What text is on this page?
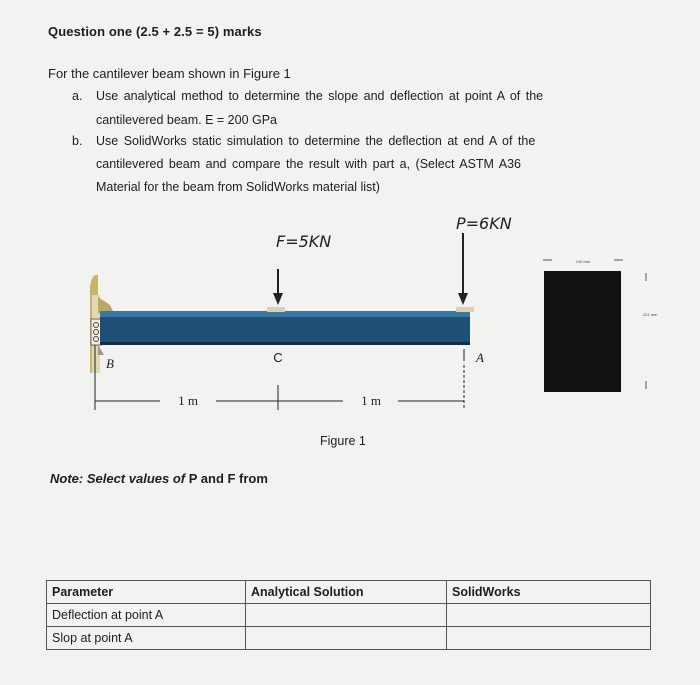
Question one (2.5 + 2.5 = 5) marks
For the cantilever beam shown in Figure 1
a. Use analytical method to determine the slope and deflection at point A of the
cantilevered beam. E = 200 GPa
b. Use SolidWorks static simulation to determine the deflection at end A of the
cantilevered beam and compare the result with part a, (Select ASTM A36
Material for the beam from SolidWorks material list)
F=5KN
P=6KN
B	C	A
1 m	1 m
140 mm
221 mm
Figure 1
Note: Select values of P and F from
Parameter	Analytical Solution	SolidWorks
Deflection at point A		
Slop at point A		
